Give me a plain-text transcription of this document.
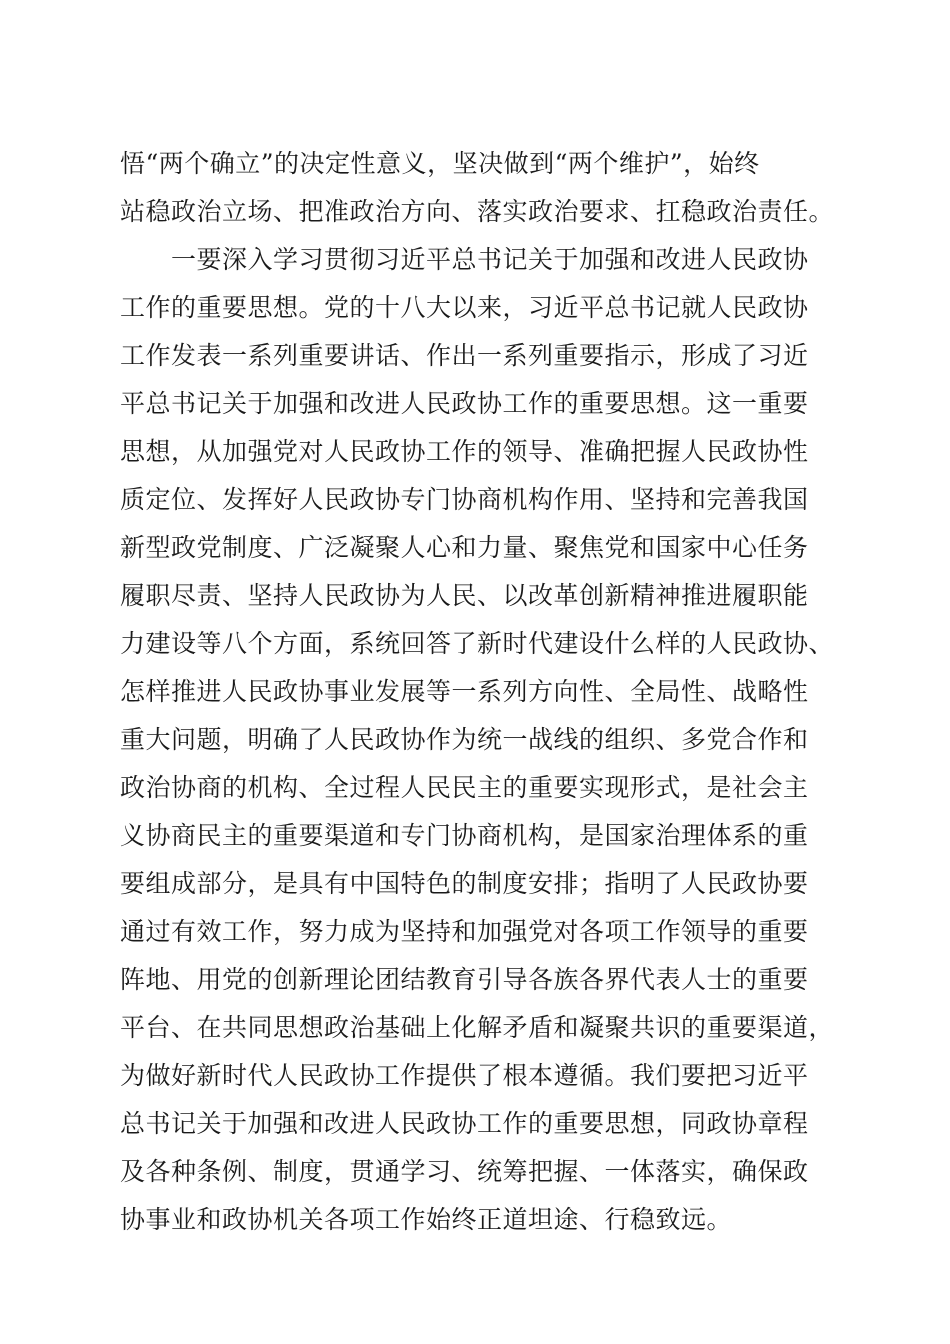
悟“两个确立”的决定性意义，坚决做到“两个维护”，始终
站稳政治立场、把准政治方向、落实政治要求、扛稳政治责任。
　　一要深入学习贯彻习近平总书记关于加强和改进人民政协
工作的重要思想。党的十八大以来，习近平总书记就人民政协
工作发表一系列重要讲话、作出一系列重要指示，形成了习近
平总书记关于加强和改进人民政协工作的重要思想。这一重要
思想，从加强党对人民政协工作的领导、准确把握人民政协性
质定位、发挥好人民政协专门协商机构作用、坚持和完善我国
新型政党制度、广泛凝聚人心和力量、聚焦党和国家中心任务
履职尽责、坚持人民政协为人民、以改革创新精神推进履职能
力建设等八个方面，系统回答了新时代建设什么样的人民政协、
怎样推进人民政协事业发展等一系列方向性、全局性、战略性
重大问题，明确了人民政协作为统一战线的组织、多党合作和
政治协商的机构、全过程人民民主的重要实现形式，是社会主
义协商民主的重要渠道和专门协商机构，是国家治理体系的重
要组成部分，是具有中国特色的制度安排；指明了人民政协要
通过有效工作，努力成为坚持和加强党对各项工作领导的重要
阵地、用党的创新理论团结教育引导各族各界代表人士的重要
平台、在共同思想政治基础上化解矛盾和凝聚共识的重要渠道，
为做好新时代人民政协工作提供了根本遵循。我们要把习近平
总书记关于加强和改进人民政协工作的重要思想，同政协章程
及各种条例、制度，贯通学习、统筹把握、一体落实，确保政
协事业和政协机关各项工作始终正道坦途、行稳致远。
